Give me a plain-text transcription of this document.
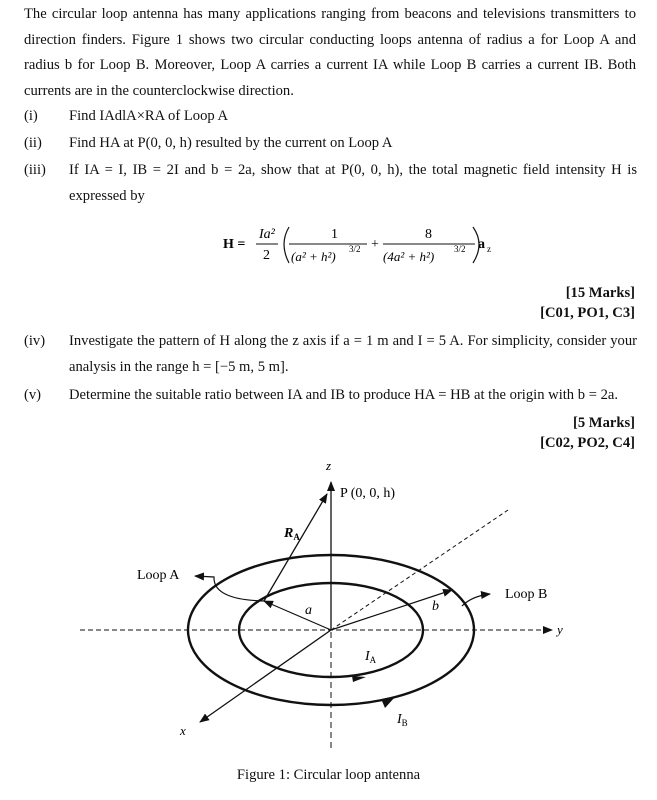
The circular loop antenna has many applications ranging from beacons and televisions transmitters to direction finders. Figure 1 shows two circular conducting loops antenna of radius a for Loop A and radius b for Loop B. Moreover, Loop A carries a current IA while Loop B carries a current IB. Both currents are in the counterclockwise direction.
(i) Find IAdlA×RA of Loop A
(ii) Find HA at P(0, 0, h) resulted by the current on Loop A
(iii) If IA = I, IB = 2I and b = 2a, show that at P(0, 0, h), the total magnetic field intensity H is expressed by
H =
Ia²
2
1
(a² + h²) 3/2 +
8
(4a² + h²) 3/2 a z
[15 Marks]
[C01, PO1, C3]
(iv) Investigate the pattern of H along the z axis if a = 1 m and I = 5 A. For simplicity, consider your analysis in the range h = [−5 m, 5 m].
(v) Determine the suitable ratio between IA and IB to produce HA = HB at the origin with b = 2a.
[5 Marks]
[C02, PO2, C4]
z
y
x
P (0, 0, h)
$R_A$
Loop A
Loop B
a	b
$I_A$
$I_B$
Figure 1: Circular loop antenna
